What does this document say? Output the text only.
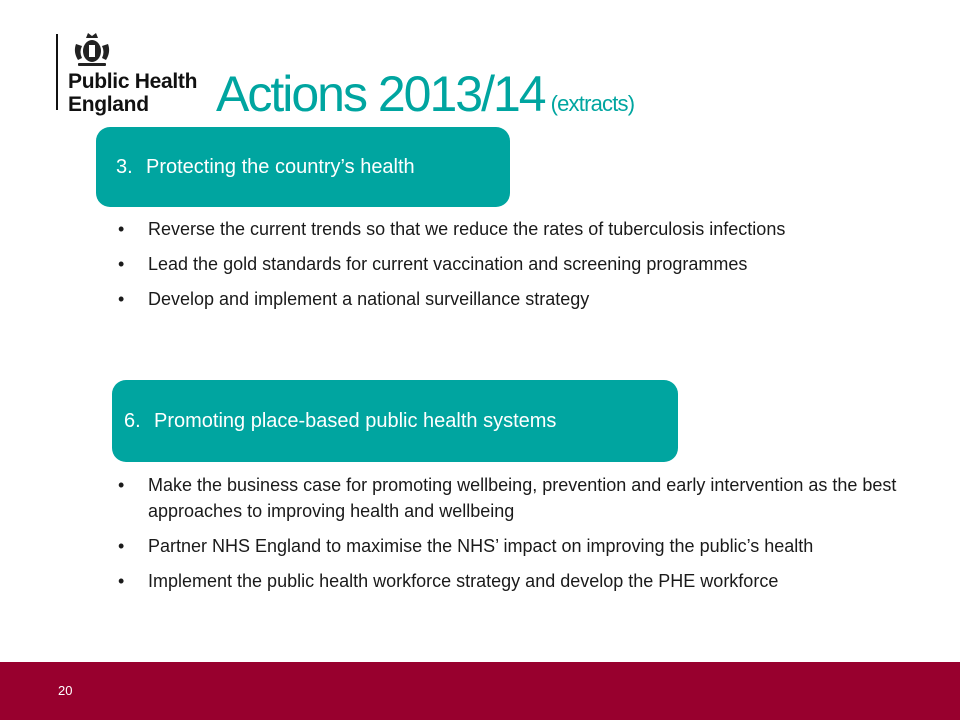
Public Health
England	Actions 2013/14 (extracts)
3. Protecting the country’s health
• Reverse the current trends so that we reduce the rates of tuberculosis infections
• Lead the gold standards for current vaccination and screening programmes
• Develop and implement a national surveillance strategy
6. Promoting place-based public health systems
• Make the business case for promoting wellbeing, prevention and early intervention as the best approaches to improving health and wellbeing
• Partner NHS England to maximise the NHS’ impact on improving the public’s health
• Implement the public health workforce strategy and develop the PHE workforce
20
